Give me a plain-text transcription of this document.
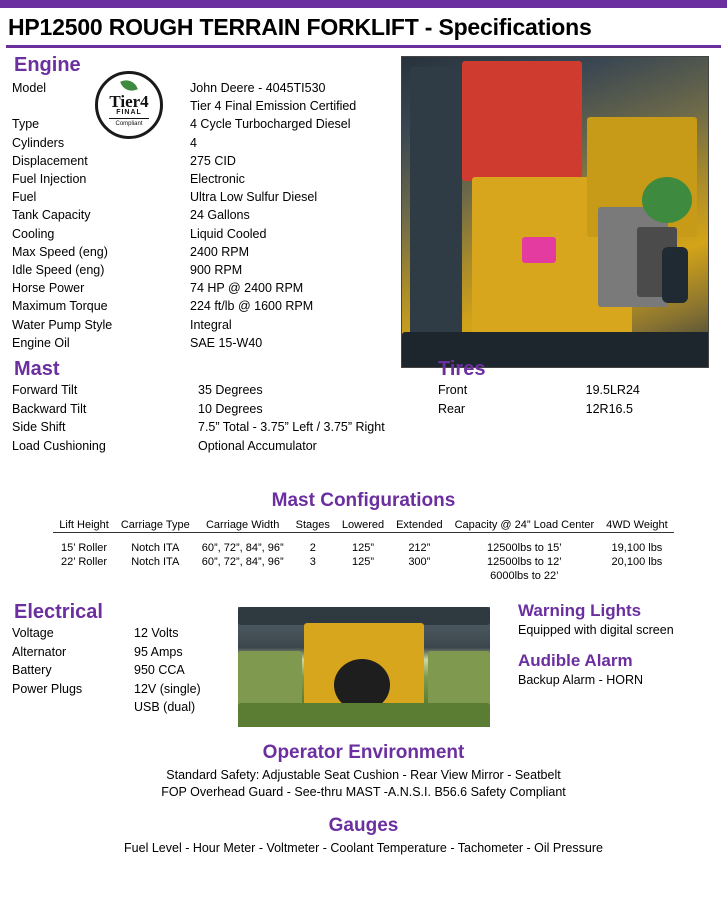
HP12500 ROUGH TERRAIN FORKLIFT - Specifications
Engine
Tier4
FINAL
Compliant
Model	John Deere - 4045TI530
	Tier 4 Final Emission Certified
Type	4 Cycle Turbocharged Diesel
Cylinders	4
Displacement	275 CID
Fuel Injection	Electronic
Fuel	Ultra Low Sulfur Diesel
Tank Capacity	24 Gallons
Cooling	Liquid Cooled
Max Speed (eng)	2400 RPM
Idle Speed (eng)	900 RPM
Horse Power	74 HP @ 2400 RPM
Maximum Torque	224 ft/lb @ 1600 RPM
Water Pump Style	Integral
Engine Oil	SAE 15-W40
Mast
Forward Tilt	35 Degrees
Backward Tilt	10 Degrees
Side Shift	7.5” Total - 3.75” Left / 3.75” Right
Load Cushioning	Optional Accumulator
Tires
Front	19.5LR24
Rear	12R16.5
Mast Configurations
Lift Height	Carriage Type	Carriage Width	Stages	Lowered	Extended	Capacity @ 24” Load Center	4WD Weight
15’ Roller	Notch ITA	60”, 72”, 84”, 96”	2	125”	212”	12500lbs to 15’	19,100 lbs
22’ Roller	Notch ITA	60”, 72”, 84”, 96”	3	125”	300”	12500lbs to 12’	20,100 lbs
						6000lbs to 22’	
Electrical
Voltage	12 Volts
Alternator	95 Amps
Battery	950 CCA
Power Plugs	12V (single)
	USB (dual)
Warning Lights

Equipped with digital screen

Audible Alarm

Backup Alarm - HORN

Operator Environment
Standard Safety: Adjustable Seat Cushion - Rear View Mirror - Seatbelt
FOP Overhead Guard - See-thru MAST -A.N.S.I. B56.6 Safety Compliant
Gauges
Fuel Level - Hour Meter - Voltmeter - Coolant Temperature - Tachometer - Oil Pressure
